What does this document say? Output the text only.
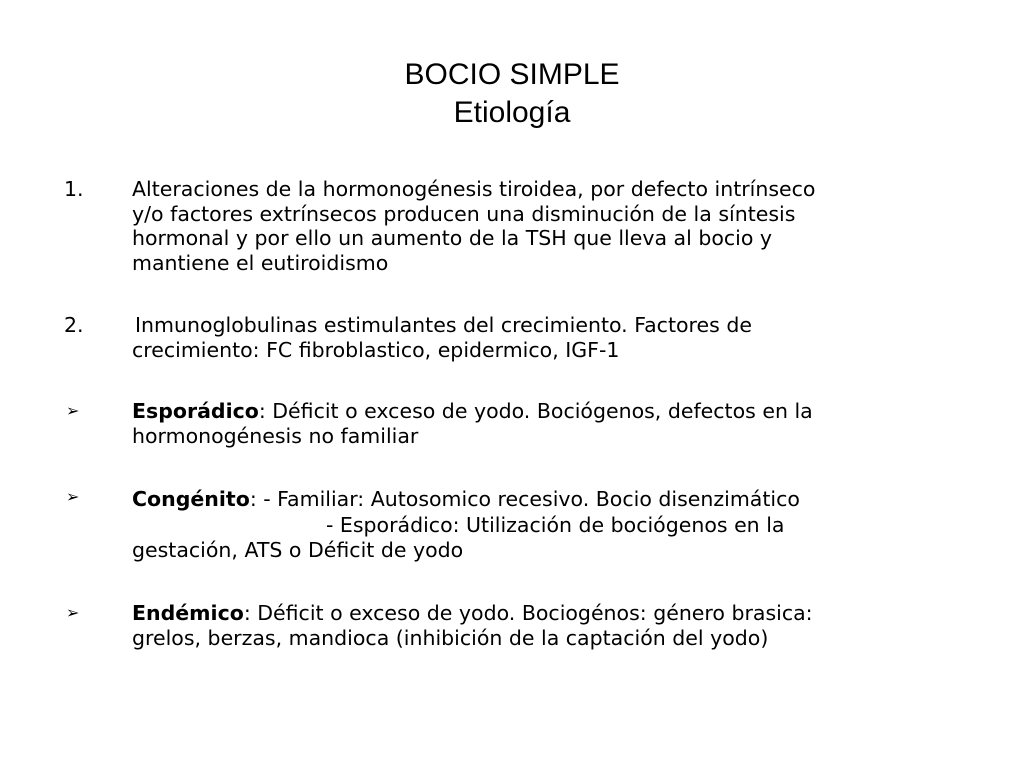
BOCIO SIMPLE
Etiología
1. Alteraciones de la hormonogénesis tiroidea, por defecto intrínseco
y/o factores extrínsecos producen una disminución de la síntesis
hormonal y por ello un aumento de la TSH que lleva al bocio y
mantiene el eutiroidismo
2.	Inmunoglobulinas estimulantes del crecimiento. Factores de
crecimiento: FC fibroblastico, epidermico, IGF-1
➢	Esporádico: Déficit o exceso de yodo. Bociógenos, defectos en la
hormonogénesis no familiar
➢	Congénito: - Familiar: Autosomico recesivo. Bocio disenzimático
- Esporádico: Utilización de bociógenos en la
gestación, ATS o Déficit de yodo
➢	Endémico: Déficit o exceso de yodo. Bociogénos: género brasica:
grelos, berzas, mandioca (inhibición de la captación del yodo)
